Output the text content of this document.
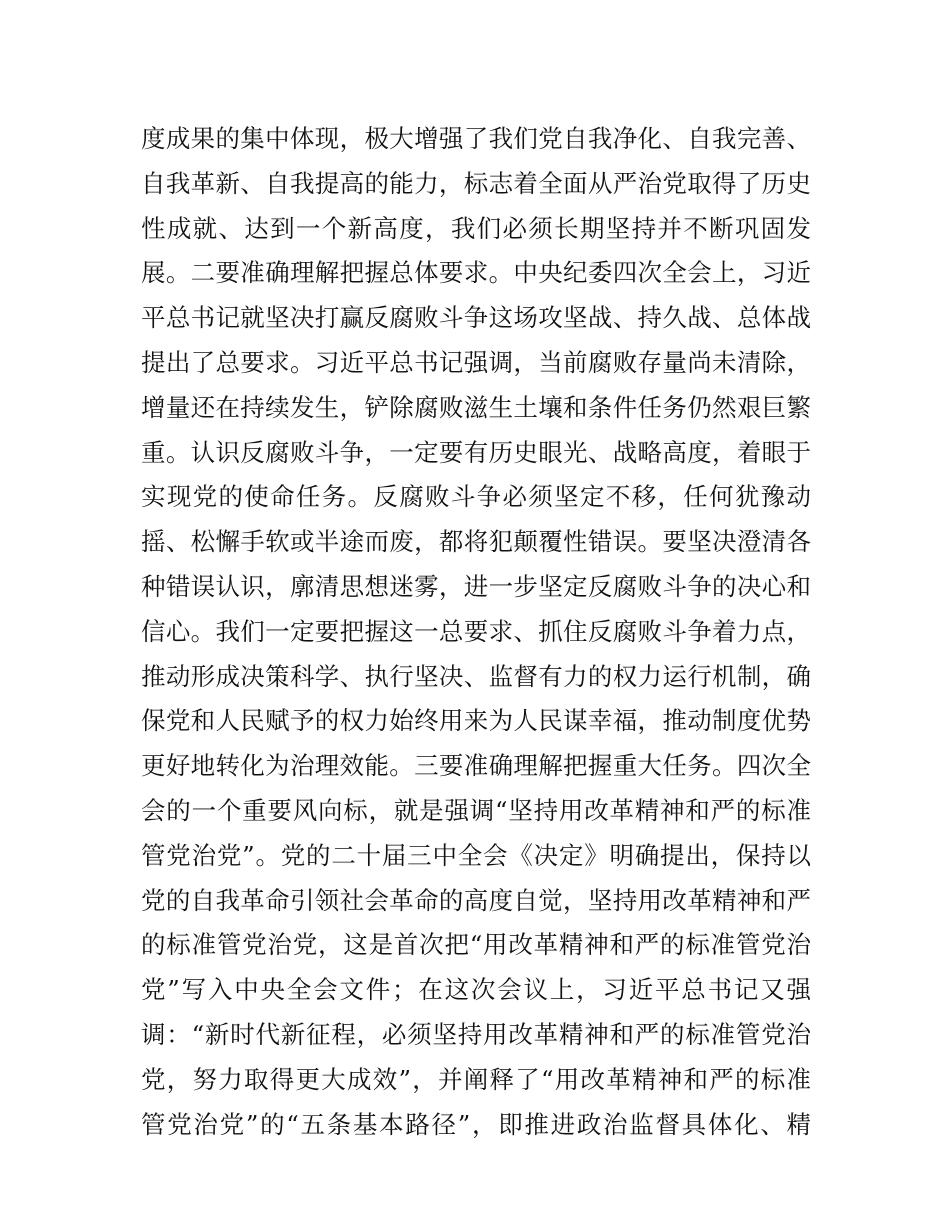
度成果的集中体现，极大增强了我们党自我净化、自我完善、
自我革新、自我提高的能力，标志着全面从严治党取得了历史
性成就、达到一个新高度，我们必须长期坚持并不断巩固发
展。二要准确理解把握总体要求。中央纪委四次全会上，习近
平总书记就坚决打赢反腐败斗争这场攻坚战、持久战、总体战
提出了总要求。习近平总书记强调，当前腐败存量尚未清除，
增量还在持续发生，铲除腐败滋生土壤和条件任务仍然艰巨繁
重。认识反腐败斗争，一定要有历史眼光、战略高度，着眼于
实现党的使命任务。反腐败斗争必须坚定不移，任何犹豫动
摇、松懈手软或半途而废，都将犯颠覆性错误。要坚决澄清各
种错误认识，廓清思想迷雾，进一步坚定反腐败斗争的决心和
信心。我们一定要把握这一总要求、抓住反腐败斗争着力点，
推动形成决策科学、执行坚决、监督有力的权力运行机制，确
保党和人民赋予的权力始终用来为人民谋幸福，推动制度优势
更好地转化为治理效能。三要准确理解把握重大任务。四次全
会的一个重要风向标，就是强调“坚持用改革精神和严的标准
管党治党”。党的二十届三中全会《决定》明确提出，保持以
党的自我革命引领社会革命的高度自觉，坚持用改革精神和严
的标准管党治党，这是首次把“用改革精神和严的标准管党治
党”写入中央全会文件；在这次会议上，习近平总书记又强
调：“新时代新征程，必须坚持用改革精神和严的标准管党治
党，努力取得更大成效”，并阐释了“用改革精神和严的标准
管党治党”的“五条基本路径”，即推进政治监督具体化、精
